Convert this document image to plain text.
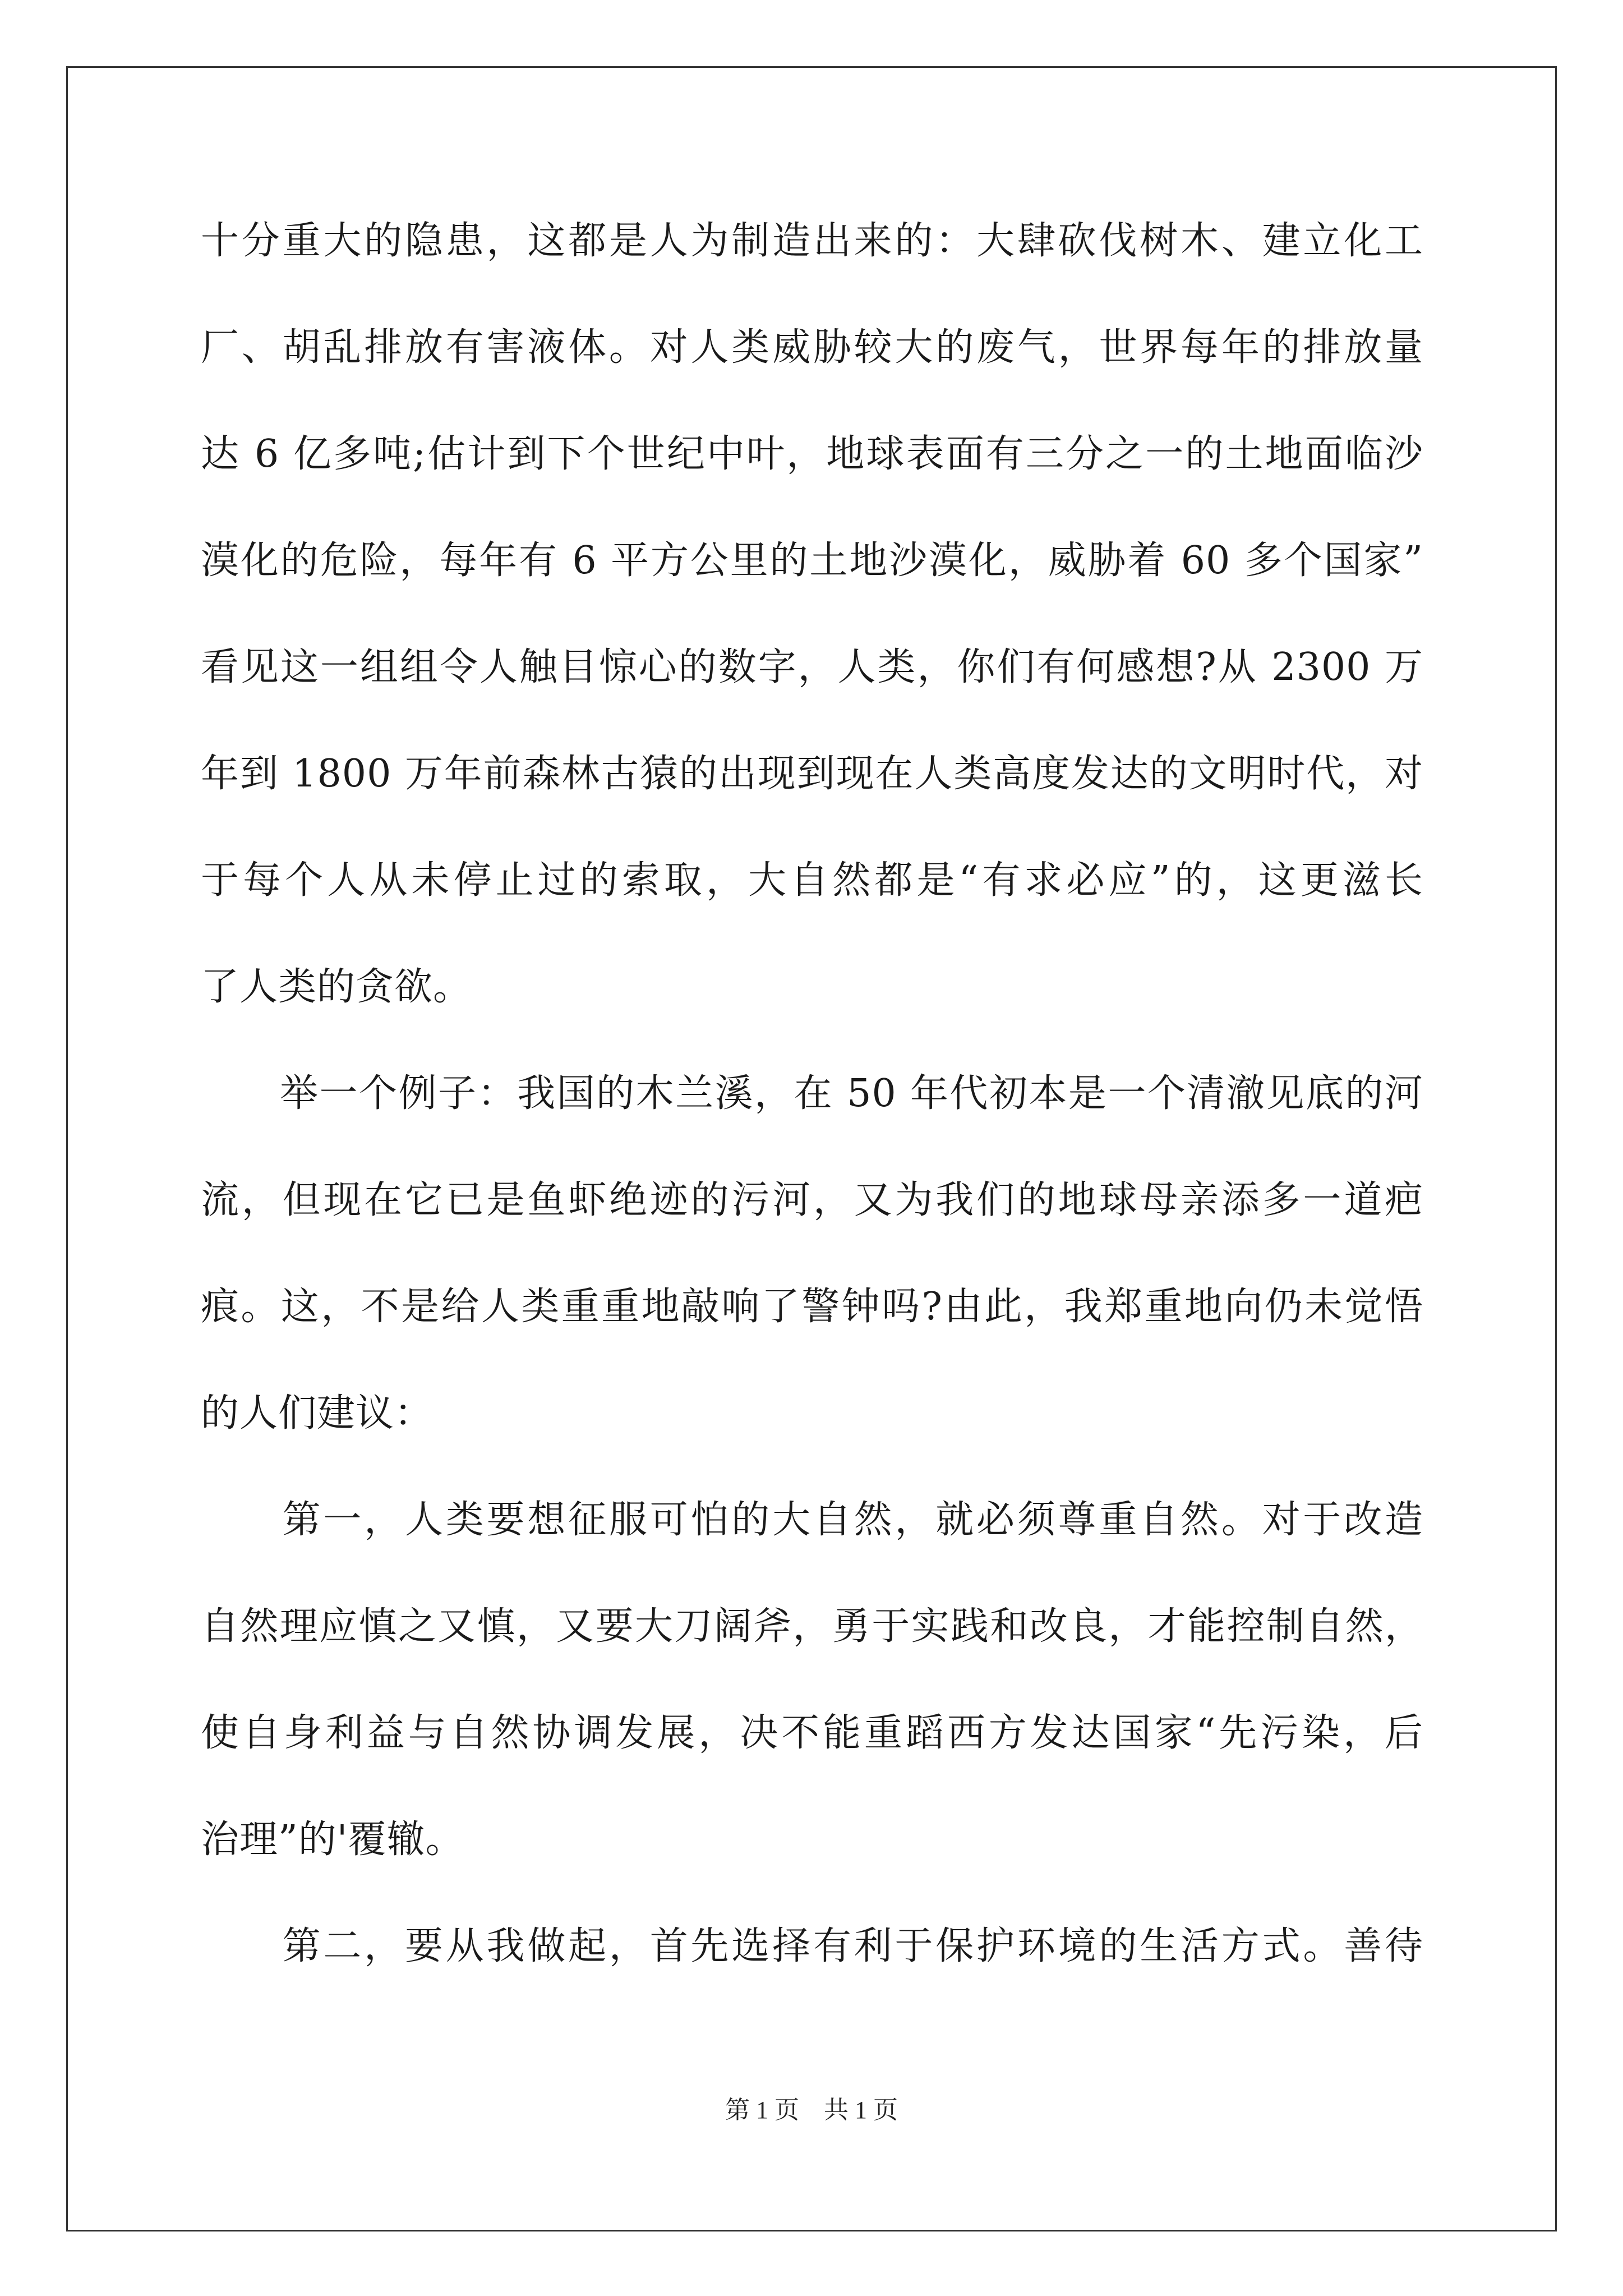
十分重大的隐患，这都是人为制造出来的：大肆砍伐树木、建立化工
厂、胡乱排放有害液体。对人类威胁较大的废气，世界每年的排放量
达 6 亿多吨;估计到下个世纪中叶，地球表面有三分之一的土地面临沙
漠化的危险，每年有 6 平方公里的土地沙漠化，威胁着 60 多个国家”
看见这一组组令人触目惊心的数字，人类，你们有何感想?从 2300 万
年到 1800 万年前森林古猿的出现到现在人类高度发达的文明时代，对
于每个人从未停止过的索取，大自然都是“有求必应”的，这更滋长
了人类的贪欲。
　　举一个例子：我国的木兰溪，在 50 年代初本是一个清澈见底的河
流，但现在它已是鱼虾绝迹的污河，又为我们的地球母亲添多一道疤
痕。这，不是给人类重重地敲响了警钟吗?由此，我郑重地向仍未觉悟
的人们建议：
　　第一，人类要想征服可怕的大自然，就必须尊重自然。对于改造
自然理应慎之又慎，又要大刀阔斧，勇于实践和改良，才能控制自然，
使自身利益与自然协调发展，决不能重蹈西方发达国家“先污染，后
治理”的'覆辙。
　　第二，要从我做起，首先选择有利于保护环境的生活方式。善待
第 1 页　共 1 页
